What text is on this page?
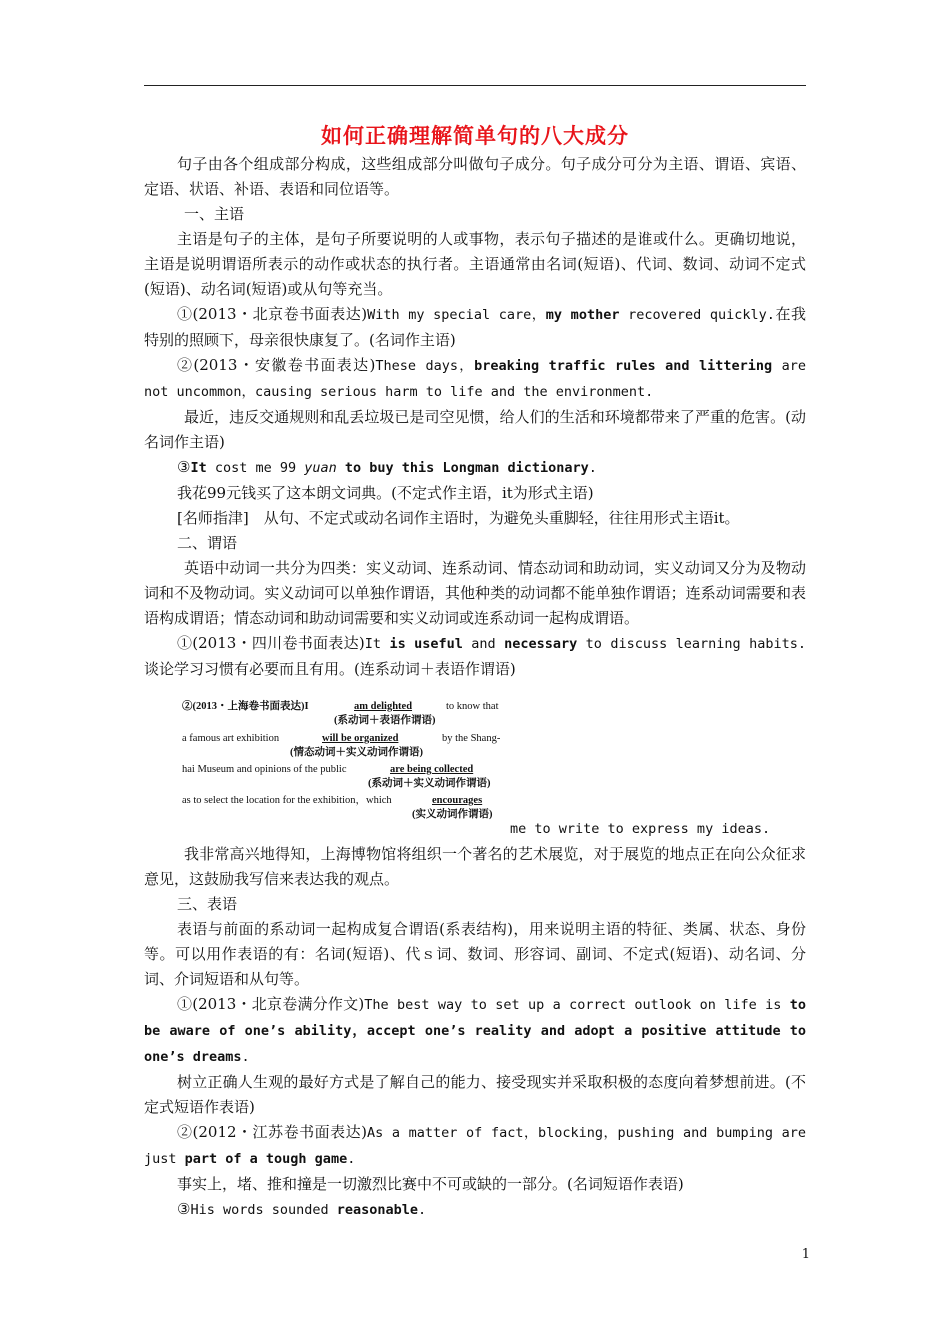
如何正确理解简单句的八大成分

句子由各个组成部分构成，这些组成部分叫做句子成分。句子成分可分为主语、谓语、宾语、定语、状语、补语、表语和同位语等。

一、主语

主语是句子的主体，是句子所要说明的人或事物，表示句子描述的是谁或什么。更确切地说，主语是说明谓语所表示的动作或状态的执行者。主语通常由名词(短语)、代词、数词、动词不定式(短语)、动名词(短语)或从句等充当。

①(2013・北京卷书面表达)With my special care，my mother recovered quickly.在我特别的照顾下，母亲很快康复了。(名词作主语)

②(2013・安徽卷书面表达)These days，breaking traffic rules and littering are not uncommon，causing serious harm to life and the environment.

最近，违反交通规则和乱丢垃圾已是司空见惯，给人们的生活和环境都带来了严重的危害。(动名词作主语)

③It cost me 99 yuan to buy this Longman dictionary.

我花99元钱买了这本朗文词典。(不定式作主语，it为形式主语)

[名师指津]　从句、不定式或动名词作主语时，为避免头重脚轻，往往用形式主语it。

二、谓语

英语中动词一共分为四类：实义动词、连系动词、情态动词和助动词，实义动词又分为及物动词和不及物动词。实义动词可以单独作谓语，其他种类的动词都不能单独作谓语；连系动词需要和表语构成谓语；情态动词和助动词需要和实义动词或连系动词一起构成谓语。

①(2013・四川卷书面表达)It is useful and necessary to discuss learning habits.谈论学习习惯有必要而且有用。(连系动词＋表语作谓语)

②(2013・上海卷书面表达)I	am delighted	to know that
(系动词＋表语作谓语)
a famous art exhibition	will be organized	by the Shang-
(情态动词＋实义动词作谓语)
hai Museum and opinions of the public	are being collected
(系动词＋实义动词作谓语)
as to select the location for the exhibition，which	encourages
(实义动词作谓语)

me to write to express my ideas.

我非常高兴地得知，上海博物馆将组织一个著名的艺术展览，对于展览的地点正在向公众征求意见，这鼓励我写信来表达我的观点。

三、表语

表语与前面的系动词一起构成复合谓语(系表结构)，用来说明主语的特征、类属、状态、身份等。可以用作表语的有：名词(短语)、代ｓ词、数词、形容词、副词、不定式(短语)、动名词、分词、介词短语和从句等。

①(2013・北京卷满分作文)The best way to set up a correct outlook on life is to be aware of one’s ability，accept one’s reality and adopt a positive attitude to one’s dreams.

树立正确人生观的最好方式是了解自己的能力、接受现实并采取积极的态度向着梦想前进。(不定式短语作表语)

②(2012・江苏卷书面表达)As a matter of fact，blocking，pushing and bumping are just part of a tough game.

事实上，堵、推和撞是一切激烈比赛中不可或缺的一部分。(名词短语作表语)

③His words sounded reasonable.

1
